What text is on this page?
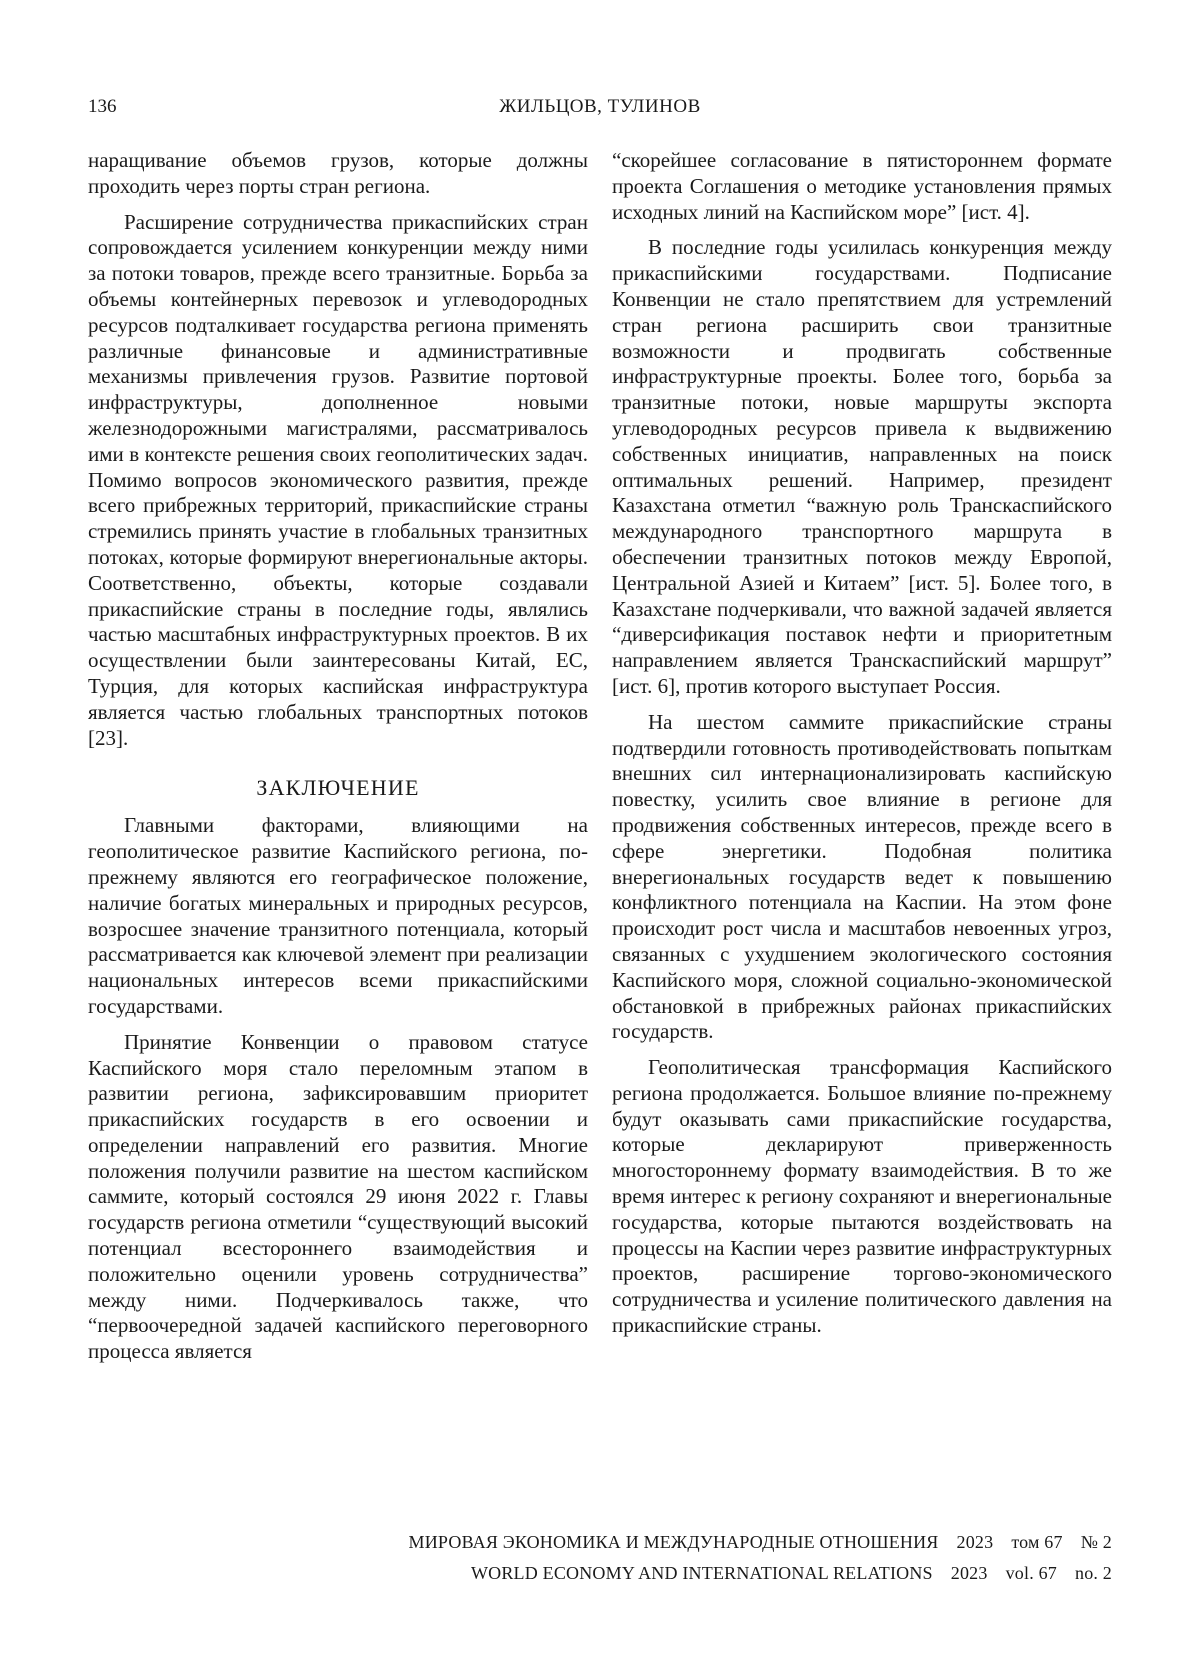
136	ЖИЛЬЦОВ, ТУЛИНОВ

наращивание объемов грузов, которые должны проходить через порты стран региона.

Расширение сотрудничества прикаспийских стран сопровождается усилением конкуренции между ними за потоки товаров, прежде всего транзитные. Борьба за объемы контейнерных перевозок и углеводородных ресурсов подталкивает государства региона применять различные финансовые и административные механизмы привлечения грузов. Развитие портовой инфраструктуры, дополненное новыми железнодорожными магистралями, рассматривалось ими в контексте решения своих геополитических задач. Помимо вопросов экономического развития, прежде всего прибрежных территорий, прикаспийские страны стремились принять участие в глобальных транзитных потоках, которые формируют внерегиональные акторы. Соответственно, объекты, которые создавали прикаспийские страны в последние годы, являлись частью масштабных инфраструктурных проектов. В их осуществлении были заинтересованы Китай, ЕС, Турция, для которых каспийская инфраструктура является частью глобальных транспортных потоков [23].

ЗАКЛЮЧЕНИЕ

Главными факторами, влияющими на геополитическое развитие Каспийского региона, по-прежнему являются его географическое положение, наличие богатых минеральных и природных ресурсов, возросшее значение транзитного потенциала, который рассматривается как ключевой элемент при реализации национальных интересов всеми прикаспийскими государствами.

Принятие Конвенции о правовом статусе Каспийского моря стало переломным этапом в развитии региона, зафиксировавшим приоритет прикаспийских государств в его освоении и определении направлений его развития. Многие положения получили развитие на шестом каспийском саммите, который состоялся 29 июня 2022 г. Главы государств региона отметили “существующий высокий потенциал всестороннего взаимодействия и положительно оценили уровень сотрудничества” между ними. Подчеркивалось также, что “первоочередной задачей каспийского переговорного процесса является

“скорейшее согласование в пятистороннем формате проекта Соглашения о методике установления прямых исходных линий на Каспийском море” [ист. 4].

В последние годы усилилась конкуренция между прикаспийскими государствами. Подписание Конвенции не стало препятствием для устремлений стран региона расширить свои транзитные возможности и продвигать собственные инфраструктурные проекты. Более того, борьба за транзитные потоки, новые маршруты экспорта углеводородных ресурсов привела к выдвижению собственных инициатив, направленных на поиск оптимальных решений. Например, президент Казахстана отметил “важную роль Транскаспийского международного транспортного маршрута в обеспечении транзитных потоков между Европой, Центральной Азией и Китаем” [ист. 5]. Более того, в Казахстане подчеркивали, что важной задачей является “диверсификация поставок нефти и приоритетным направлением является Транскаспийский маршрут” [ист. 6], против которого выступает Россия.

На шестом саммите прикаспийские страны подтвердили готовность противодействовать попыткам внешних сил интернационализировать каспийскую повестку, усилить свое влияние в регионе для продвижения собственных интересов, прежде всего в сфере энергетики. Подобная политика внерегиональных государств ведет к повышению конфликтного потенциала на Каспии. На этом фоне происходит рост числа и масштабов невоенных угроз, связанных с ухудшением экологического состояния Каспийского моря, сложной социально-экономической обстановкой в прибрежных районах прикаспийских государств.

Геополитическая трансформация Каспийского региона продолжается. Большое влияние по-прежнему будут оказывать сами прикаспийские государства, которые декларируют приверженность многостороннему формату взаимодействия. В то же время интерес к региону сохраняют и внерегиональные государства, которые пытаются воздействовать на процессы на Каспии через развитие инфраструктурных проектов, расширение торгово-экономического сотрудничества и усиление политического давления на прикаспийские страны.

МИРОВАЯ ЭКОНОМИКА И МЕЖДУНАРОДНЫЕ ОТНОШЕНИЯ 2023 том 67 № 2
WORLD ECONOMY AND INTERNATIONAL RELATIONS 2023 vol. 67 no. 2
